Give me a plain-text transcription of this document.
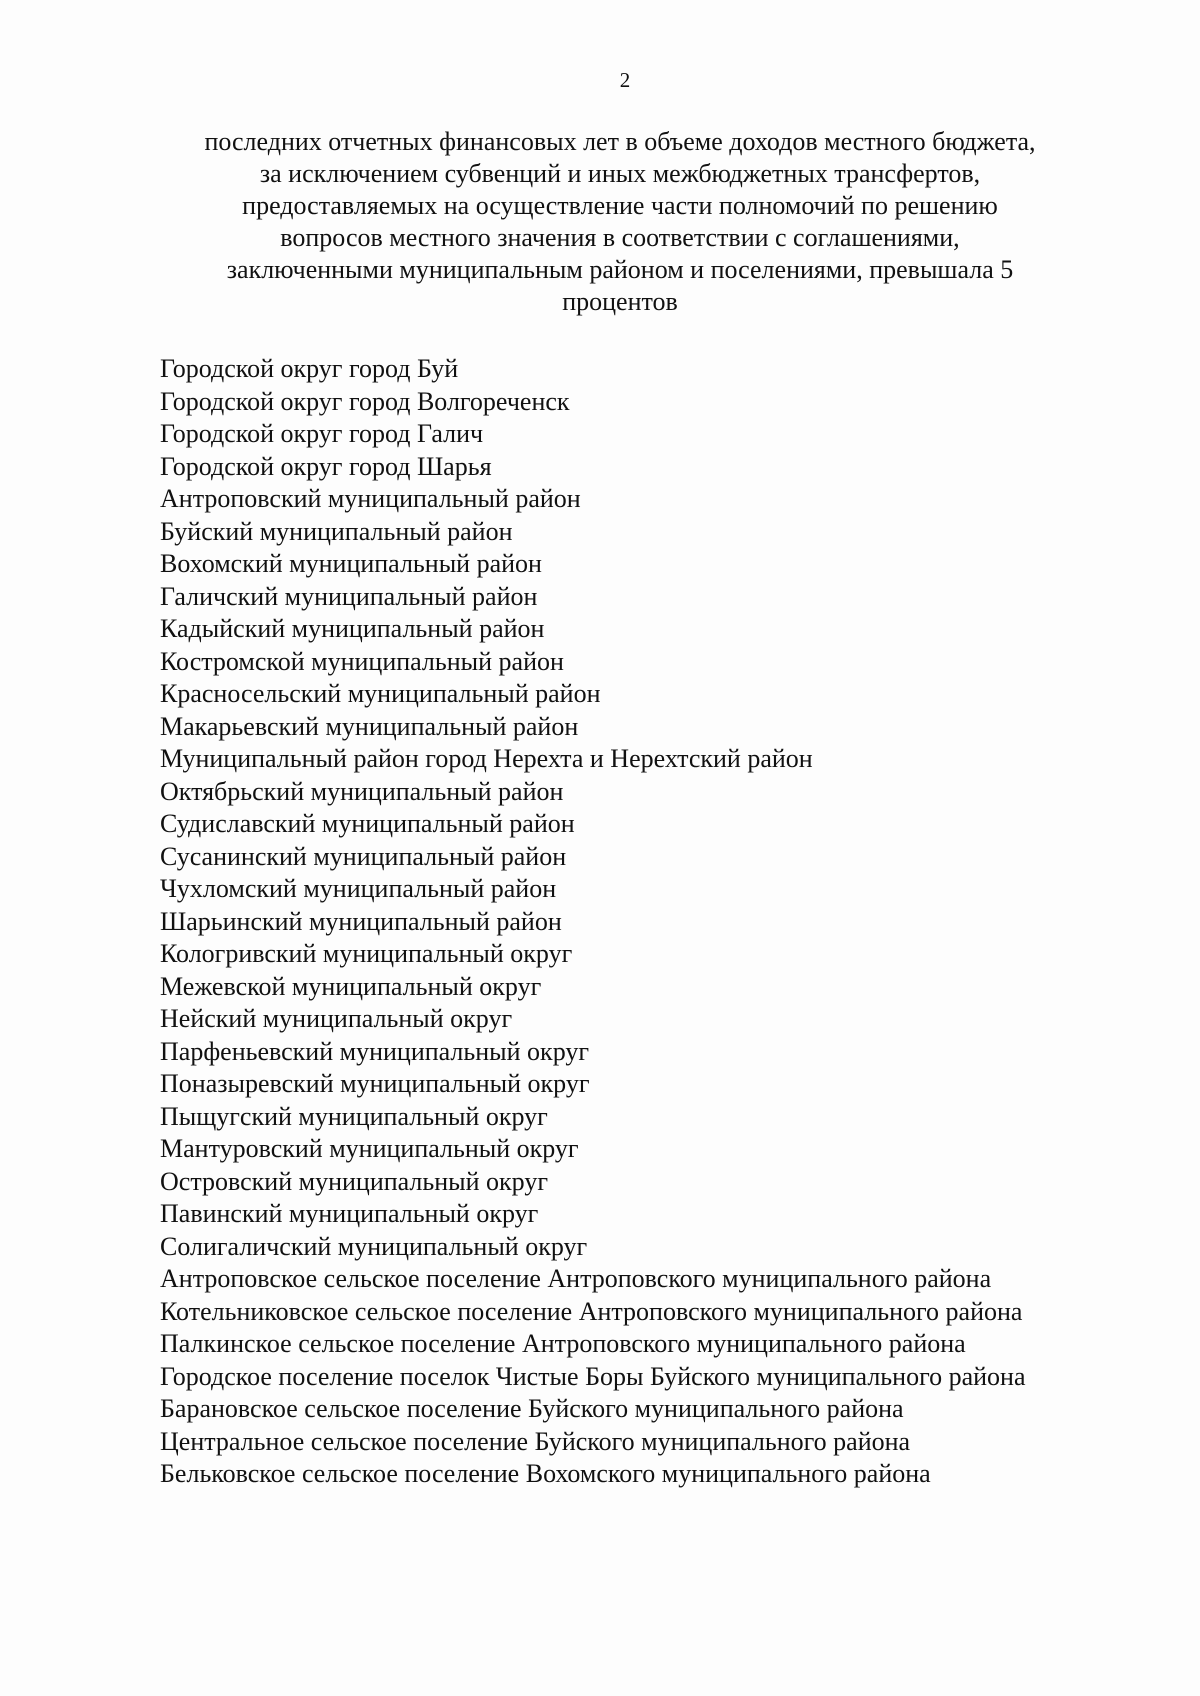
2
последних отчетных финансовых лет в объеме доходов местного бюджета,
за исключением субвенций и иных межбюджетных трансфертов,
предоставляемых на осуществление части полномочий по решению
вопросов местного значения в соответствии с соглашениями,
заключенными муниципальным районом и поселениями, превышала 5
процентов
Городской округ город Буй
Городской округ город Волгореченск
Городской округ город Галич
Городской округ город Шарья
Антроповский муниципальный район
Буйский муниципальный район
Вохомский муниципальный район
Галичский муниципальный район
Кадыйский муниципальный район
Костромской муниципальный район
Красносельский муниципальный район
Макарьевский муниципальный район
Муниципальный район город Нерехта и Нерехтский район
Октябрьский муниципальный район
Судиславский муниципальный район
Сусанинский муниципальный район
Чухломский муниципальный район
Шарьинский муниципальный район
Кологривский муниципальный округ
Межевской муниципальный округ
Нейский муниципальный округ
Парфеньевский муниципальный округ
Поназыревский муниципальный округ
Пыщугский муниципальный округ
Мантуровский муниципальный округ
Островский муниципальный округ
Павинский муниципальный округ
Солигаличский муниципальный округ
Антроповское сельское поселение Антроповского муниципального района
Котельниковское сельское поселение Антроповского муниципального района
Палкинское сельское поселение Антроповского муниципального района
Городское поселение поселок Чистые Боры Буйского муниципального района
Барановское сельское поселение Буйского муниципального района
Центральное сельское поселение Буйского муниципального района
Бельковское сельское поселение Вохомского муниципального района
